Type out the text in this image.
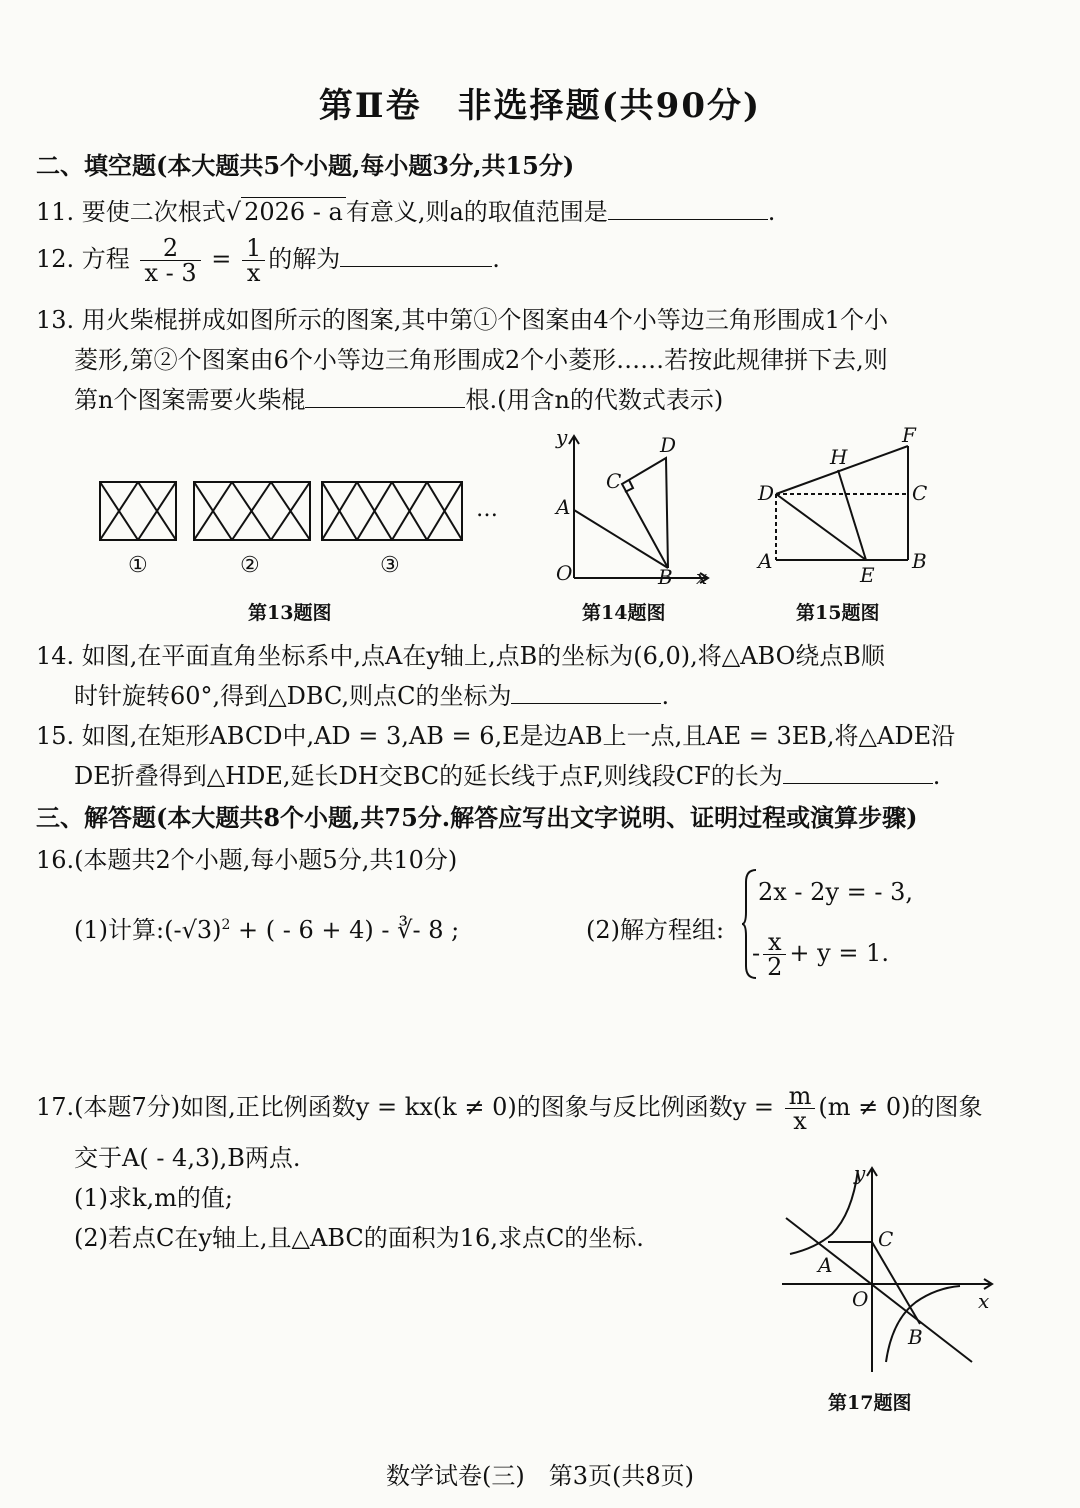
第Ⅱ卷　非选择题(共90分)
二、填空题(本大题共5个小题,每小题3分,共15分)
11. 要使二次根式√ 2026 - a 有意义,则a的取值范围是	.
12. 方程 $\frac{2}{x - 3} = \frac{1}{x}$ 的解为	.
13. 用火柴棍拼成如图所示的图案,其中第①个图案由4个小等边三角形围成1个小
菱形,第②个图案由6个小等边三角形围成2个小菱形……若按此规律拼下去,则
第n个图案需要火柴棍	根.(用含n的代数式表示)
①	②	③
…
第13题图
y
x
O
A
B
C
D
第14题图
D
A	B
C
E
F
H
第15题图
14. 如图,在平面直角坐标系中,点A在y轴上,点B的坐标为(6,0),将△ABO绕点B顺
时针旋转60°,得到△DBC,则点C的坐标为	.
15. 如图,在矩形ABCD中,AD = 3,AB = 6,E是边AB上一点,且AE = 3EB,将△ADE沿
DE折叠得到△HDE,延长DH交BC的延长线于点F,则线段CF的长为	.
三、解答题(本大题共8个小题,共75分.解答应写出文字说明、证明过程或演算步骤)
16.(本题共2个小题,每小题5分,共10分)
(1)计算$:(-√3)^2$ + ( - 6 + 4) - ∛- 8 ;	(2)解方程组:
2x - 2y = - 3,
- $\frac{x}{2} + y = 1$.
17.(本题7分)如图,正比例函数y = kx(k ≠ 0)的图象与反比例函数$y = \frac{m}{x} (m \ne 0)$的图象
交于A( - 4,3),B两点.
(1)求k,m的值;
(2)若点C在y轴上,且△ABC的面积为16,求点C的坐标.
y
x
O
A
B
C
第17题图
数学试卷(三)　第3页(共8页)
